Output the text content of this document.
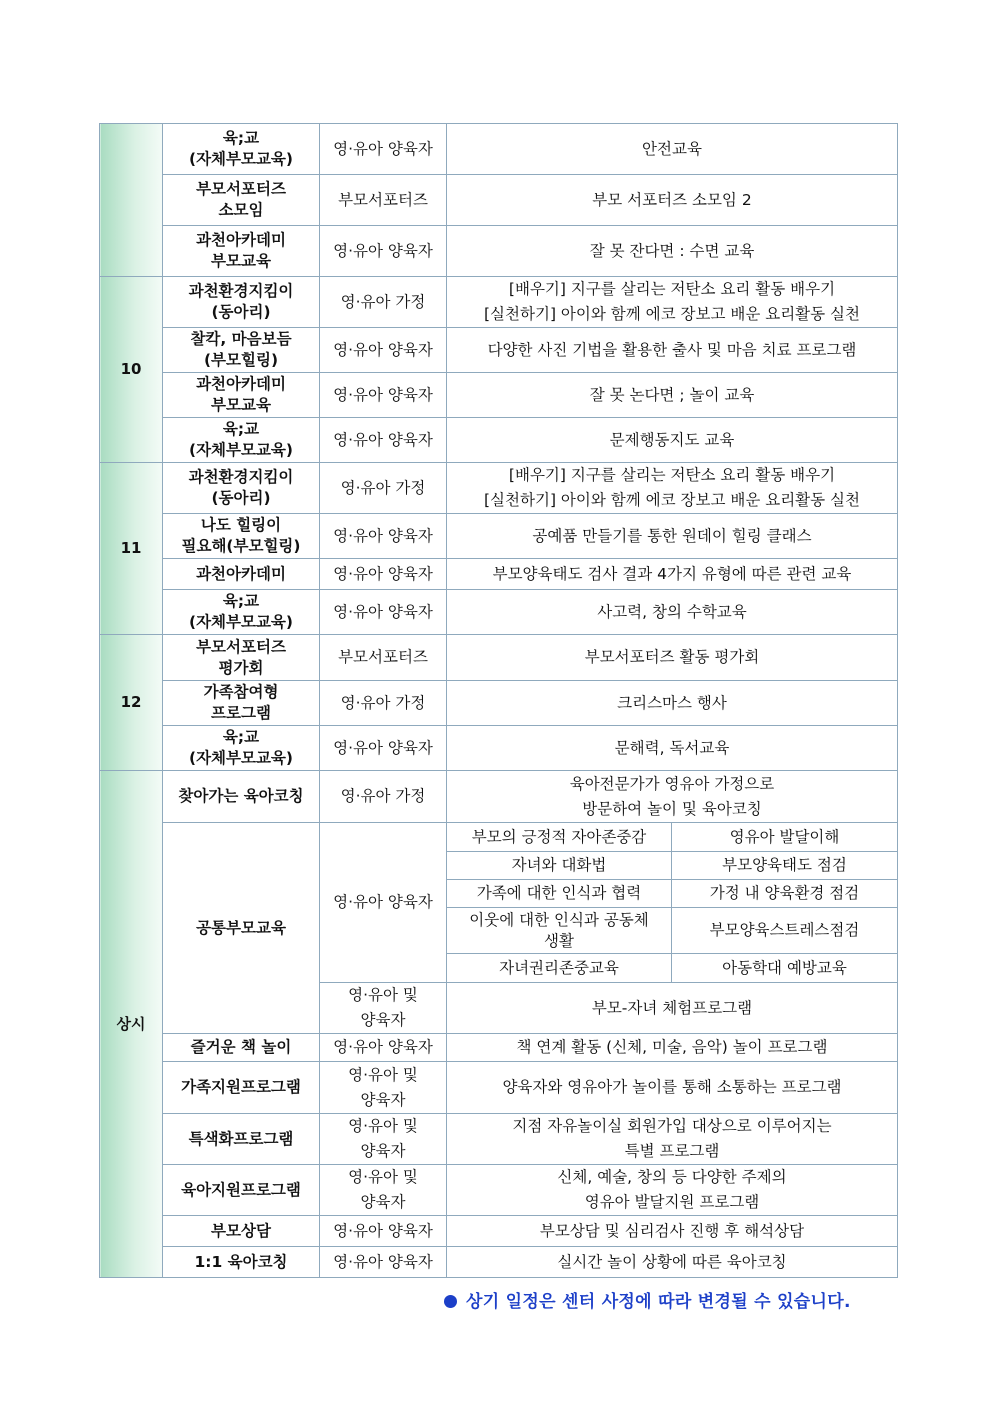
	육;교
(자체부모교육)	영·유아 양육자	안전교육	

	부모서포터즈
소모임	부모서포터즈	부모 서포터즈 소모임 2	

	과천아카데미
부모교육	영·유아 양육자	잘 못 잔다면 : 수면 교육	
10	과천환경지킴이
(동아리)	영·유아 가정	[배우기] 지구를 살리는 저탄소 요리 활동 배우기
[실천하기] 아이와 함께 에코 장보고 배운 요리활동 실천	

	찰칵, 마음보듬
(부모힐링)	영·유아 양육자	다양한 사진 기법을 활용한 출사 및 마음 치료 프로그램	

	과천아카데미
부모교육	영·유아 양육자	잘 못 논다면 ; 놀이 교육	

	육;교
(자체부모교육)	영·유아 양육자	문제행동지도 교육	
11	과천환경지킴이
(동아리)	영·유아 가정	[배우기] 지구를 살리는 저탄소 요리 활동 배우기
[실천하기] 아이와 함께 에코 장보고 배운 요리활동 실천	

	나도 힐링이
필요해(부모힐링)	영·유아 양육자	공예품 만들기를 통한 원데이 힐링 클래스	
	과천아카데미	영·유아 양육자	부모양육태도 검사 결과 4가지 유형에 따른 관련 교육	

	육;교
(자체부모교육)	영·유아 양육자	사고력, 창의 수학교육	
12	부모서포터즈
평가회	부모서포터즈	부모서포터즈 활동 평가회	

	가족참여형
프로그램	영·유아 가정	크리스마스 행사	

	육;교
(자체부모교육)	영·유아 양육자	문해력, 독서교육	
상시	찾아가는 육아코칭	영·유아 가정	육아전문가가 영유아 가정으로
방문하여 놀이 및 육아코칭	

	공통부모교육	영·유아 양육자	부모의 긍정적 자아존중감	영유아 발달이해
			자녀와 대화법	부모양육태도 점검
			가족에 대한 인식과 협력	가정 내 양육환경 점검

			이웃에 대한 인식과 공동체
생활	부모양육스트레스점검
			자녀권리존중교육	아동학대 예방교육

		영·유아 및
양육자	부모-자녀 체험프로그램	
	즐거운 책 놀이	영·유아 양육자	책 연계 활동 (신체, 미술, 음악) 놀이 프로그램	
	가족지원프로그램	영·유아 및
양육자	양육자와 영유아가 놀이를 통해 소통하는 프로그램	
	특색화프로그램	영·유아 및
양육자	지점 자유놀이실 회원가입 대상으로 이루어지는
특별 프로그램	

	육아지원프로그램	영·유아 및
양육자	신체, 예술, 창의 등 다양한 주제의
영유아 발달지원 프로그램	

	부모상담	영·유아 양육자	부모상담 및 심리검사 진행 후 해석상담	
	1:1 육아코칭	영·유아 양육자	실시간 놀이 상황에 따른 육아코칭	
상기 일정은 센터 사정에 따라 변경될 수 있습니다.
